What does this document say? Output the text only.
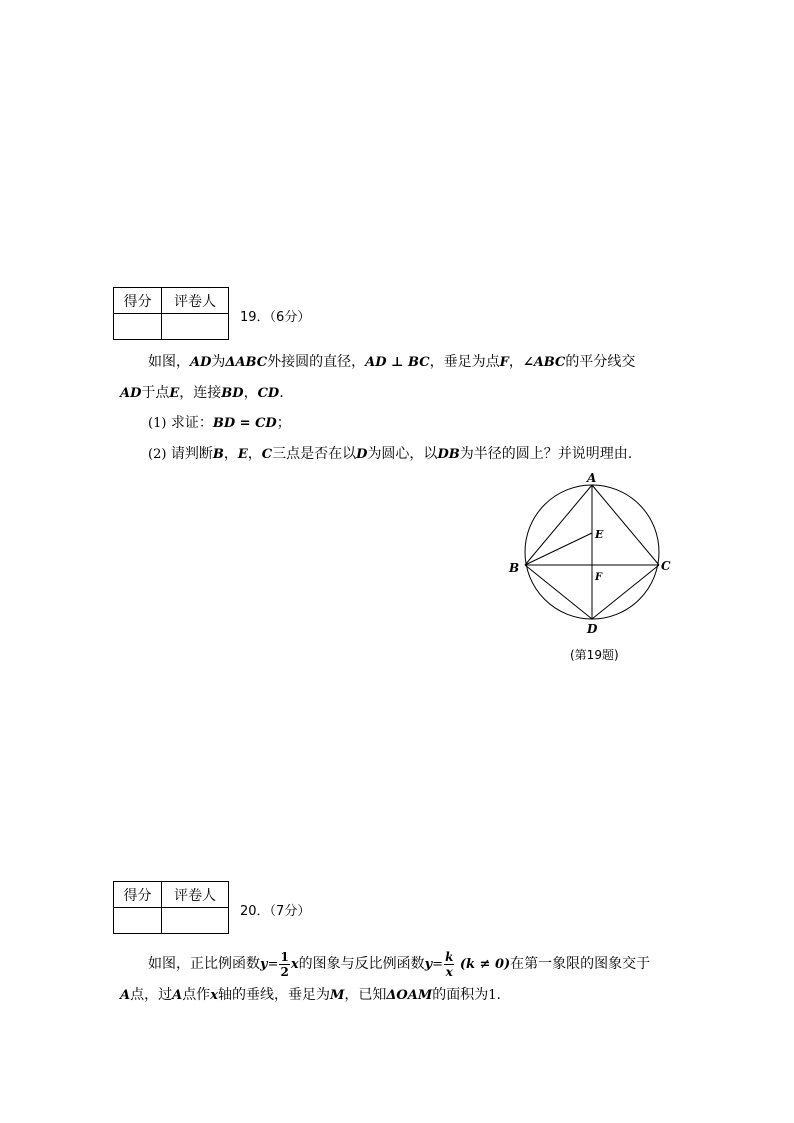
得分	评卷人

19．（6分）
如图，AD为ΔABC外接圆的直径，AD ⊥ BC，垂足为点F，∠ABC的平分线交
AD于点E，连接BD，CD.
(1) 求证：BD = CD；
(2) 请判断B，E，C三点是否在以D为圆心，以DB为半径的圆上？并说明理由.
A
B	C
D
E
F
(第19题)
得分	评卷人

20．（7分）
如图，正比例函数$y= \frac{1}{2}$ x的图象与反比例函数$y= \frac{k}{x} (k \ne 0)$在第一象限的图象交于
A点，过A点作x轴的垂线，垂足为M，已知ΔOAM的面积为1.
